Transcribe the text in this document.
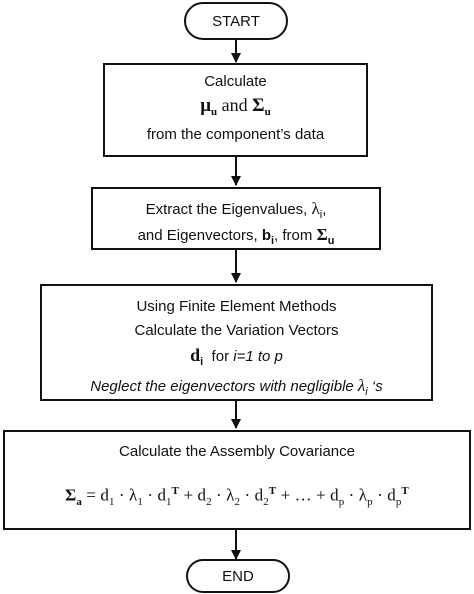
START
Calculate
$\mu_u$ and $\Sigma_u$
from the component’s data
Extract the Eigenvalues, $\lambda_i$,
and Eigenvectors, $b_i$, from $\Sigma_u$
Using Finite Element Methods
Calculate the Variation Vectors
$d_i$  for i=1 to p
Neglect the eigenvectors with negligible $\lambda_i$ ‘s
Calculate the Assembly Covariance
$\Sigma_a = d_1 \cdot \lambda_1 \cdot d_1^T + d_2 \cdot \lambda_2 \cdot d_2^T$ + … + $d_p \cdot \lambda_p \cdot d_p^T$
END
